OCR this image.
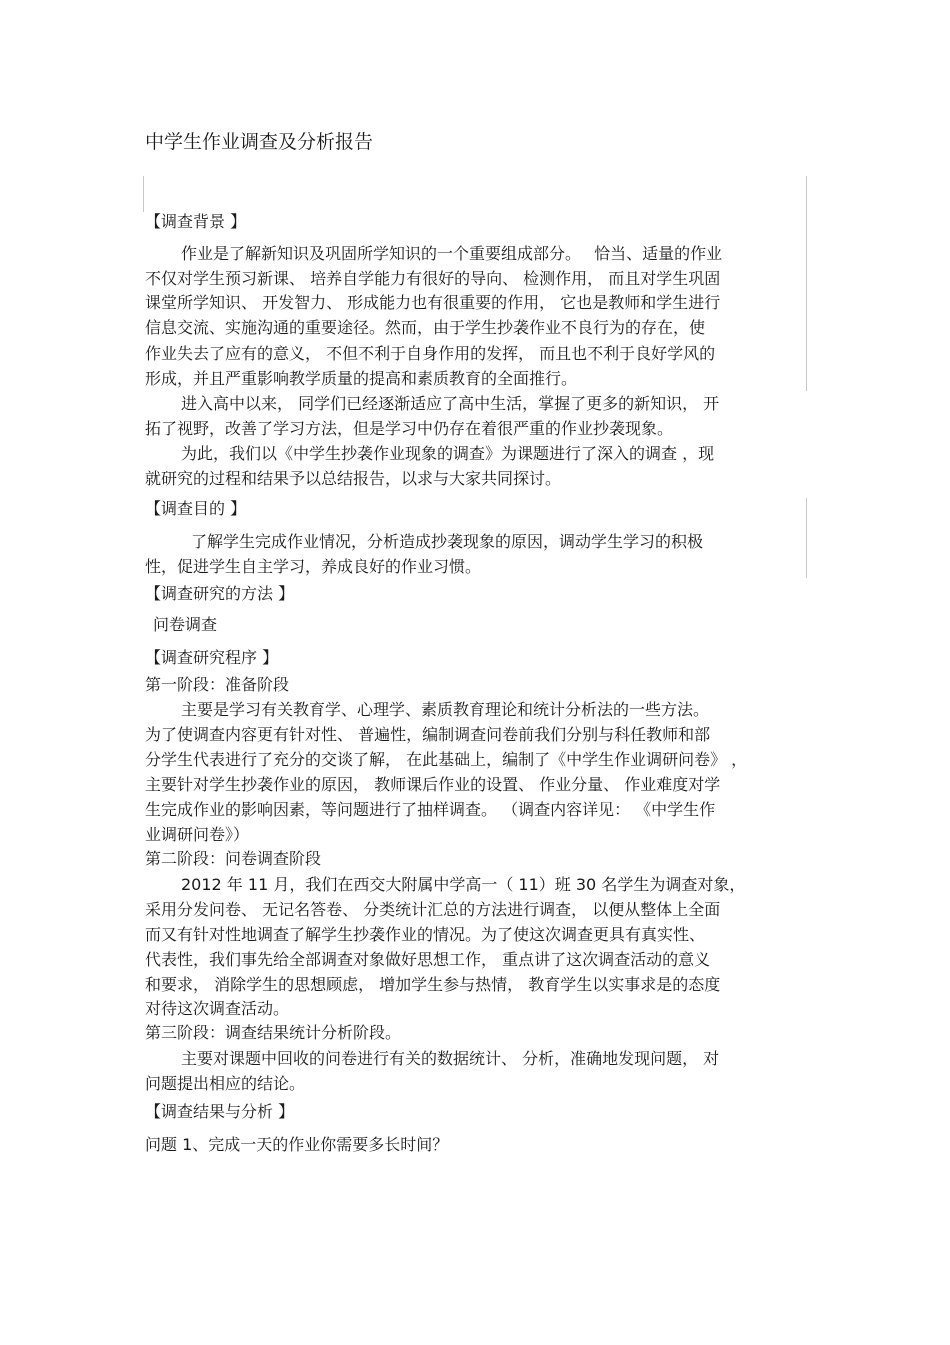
中学生作业调查及分析报告
【调查背景 】
作业是了解新知识及巩固所学知识的一个重要组成部分。　 恰当、适量的作业
不仅对学生预习新课、 培养自学能力有很好的导向、 检测作用， 而且对学生巩固
课堂所学知识、 开发智力、 形成能力也有很重要的作用， 它也是教师和学生进行
信息交流、实施沟通的重要途径。然而，由于学生抄袭作业不良行为的存在，使
作业失去了应有的意义， 不但不利于自身作用的发挥， 而且也不利于良好学风的
形成，并且严重影响教学质量的提高和素质教育的全面推行。
进入高中以来， 同学们已经逐渐适应了高中生活，掌握了更多的新知识， 开
拓了视野，改善了学习方法，但是学习中仍存在着很严重的作业抄袭现象。
为此，我们以《中学生抄袭作业现象的调查》为课题进行了深入的调查 ，现
就研究的过程和结果予以总结报告，以求与大家共同探讨。
【调查目的 】
了解学生完成作业情况，分析造成抄袭现象的原因，调动学生学习的积极
性，促进学生自主学习，养成良好的作业习惯。
【调查研究的方法 】
问卷调查
【调查研究程序 】
第一阶段：准备阶段
主要是学习有关教育学、心理学、素质教育理论和统计分析法的一些方法。
为了使调查内容更有针对性、 普遍性，编制调查问卷前我们分别与科任教师和部
分学生代表进行了充分的交谈了解， 在此基础上，编制了《中学生作业调研问卷》 ，
主要针对学生抄袭作业的原因， 教师课后作业的设置、 作业分量、 作业难度对学
生完成作业的影响因素，等问题进行了抽样调查。 （调查内容详见： 《中学生作
业调研问卷》）
第二阶段：问卷调查阶段
2012 年 11 月，我们在西交大附属中学高一（ 11）班 30 名学生为调查对象，
采用分发问卷、 无记名答卷、 分类统计汇总的方法进行调查， 以便从整体上全面
而又有针对性地调查了解学生抄袭作业的情况。为了使这次调查更具有真实性、
代表性，我们事先给全部调查对象做好思想工作， 重点讲了这次调查活动的意义
和要求， 消除学生的思想顾虑， 增加学生参与热情， 教育学生以实事求是的态度
对待这次调查活动。
第三阶段：调查结果统计分析阶段。
主要对课题中回收的问卷进行有关的数据统计、 分析，准确地发现问题， 对
问题提出相应的结论。
【调查结果与分析 】
问题 1、完成一天的作业你需要多长时间？
